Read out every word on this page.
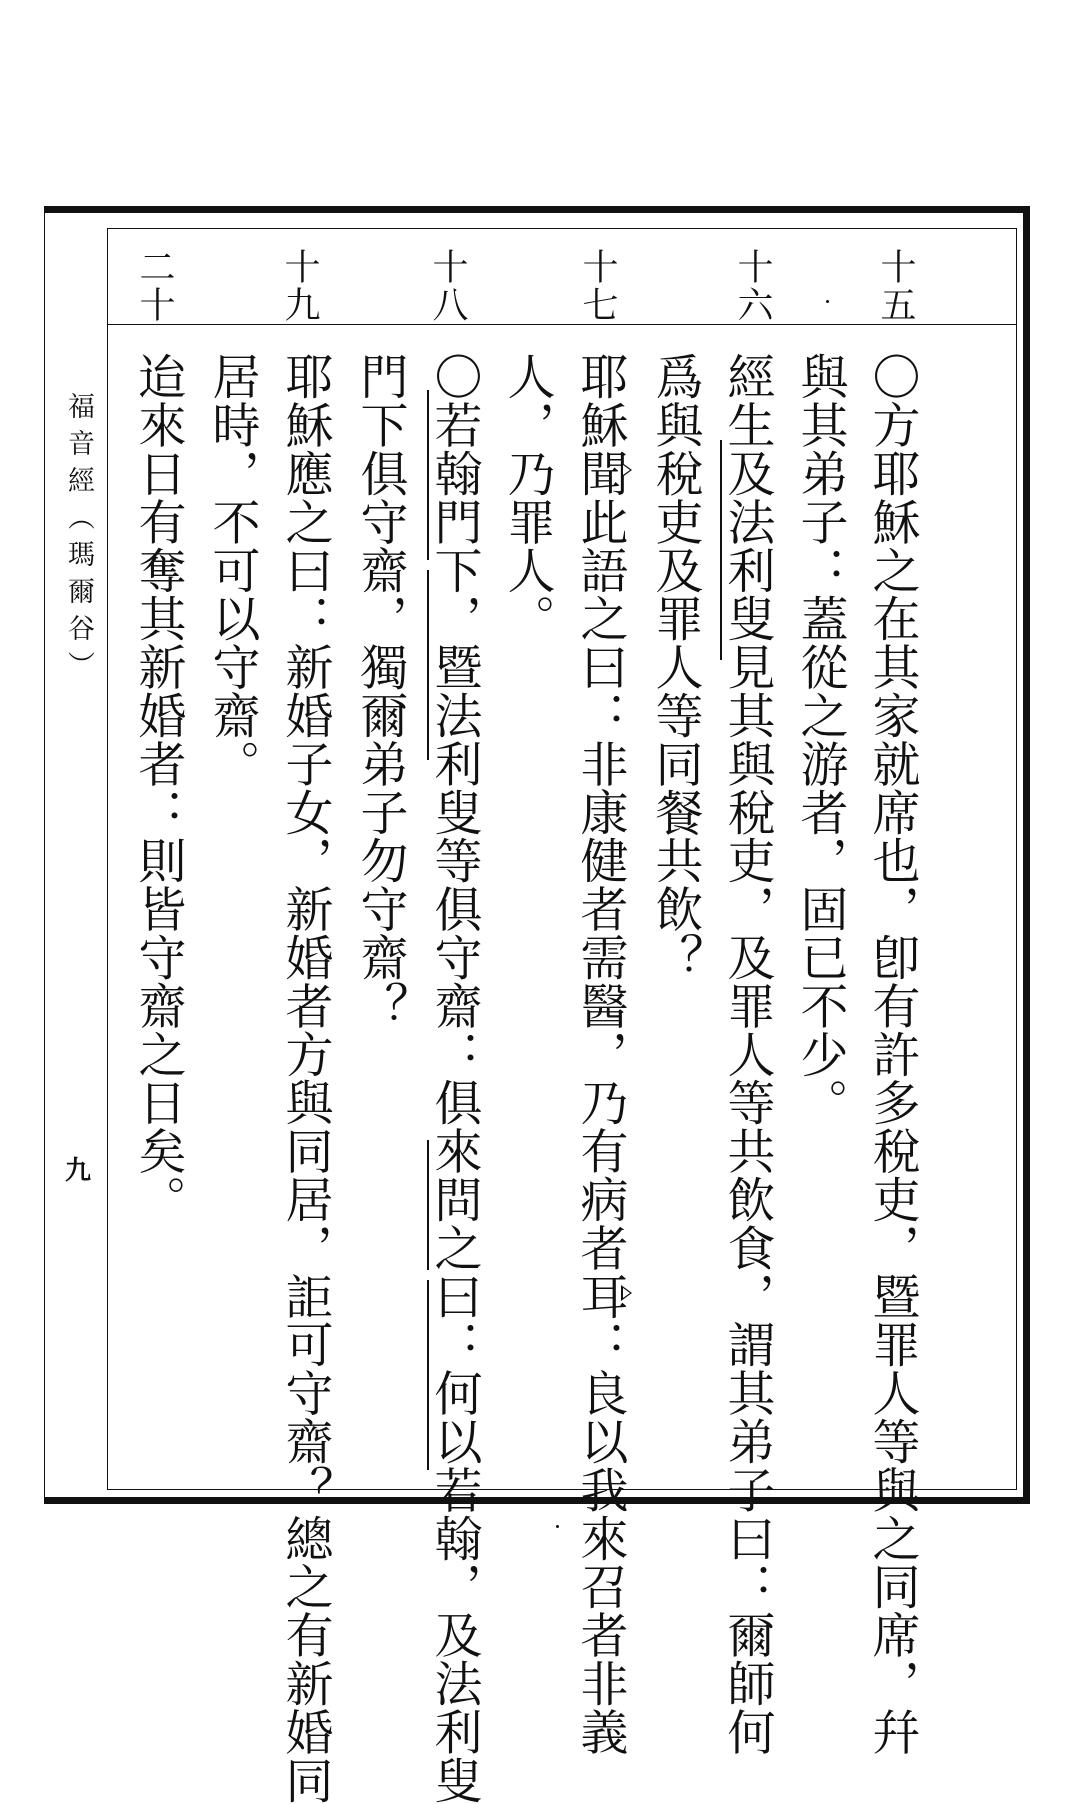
福音經（瑪爾谷）
九
十五
十六
十七
十八
十九
二十
〇方耶穌之在其家就席也，卽有許多稅吏，暨罪人等與之同席，幷
與其弟子：蓋從之游者，固已不少。
經生及法利叟見其與稅吏，及罪人等共飲食，謂其弟子曰：爾師何
爲與稅吏及罪人等同餐共飲？
耶穌聞此語之曰：非康健者需醫，乃有病者耳：良以我來召者非義
人，乃罪人。
〇若翰門下，暨法利叟等俱守齋：俱來問之曰：何以若翰，及法利叟
門下俱守齋，獨爾弟子勿守齋？
耶穌應之曰：新婚子女，新婚者方與同居，詎可守齋？總之有新婚同
居時，不可以守齋。
迨來日有奪其新婚者：則皆守齋之日矣。
